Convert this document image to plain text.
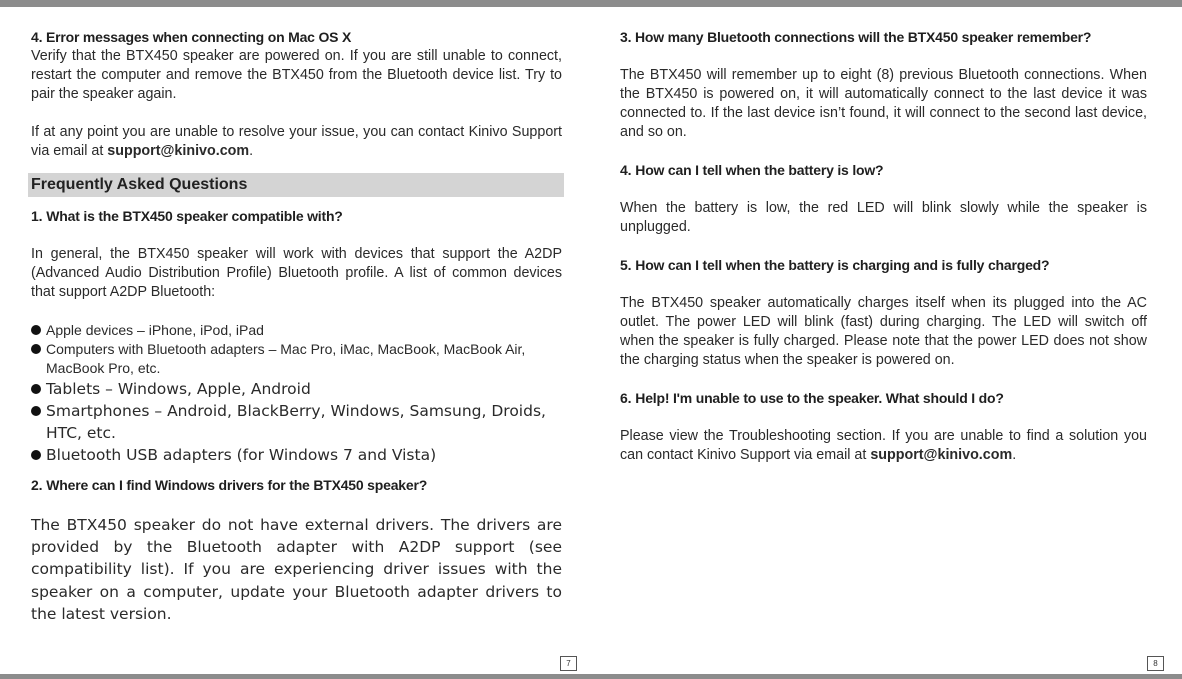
4. Error messages when connecting on Mac OS X

Verify that the BTX450 speaker are powered on. If you are still unable to connect, restart the computer and remove the BTX450 from the Bluetooth device list. Try to pair the speaker again.

If at any point you are unable to resolve your issue, you can contact Kinivo Support via email at support@kinivo.com.

Frequently Asked Questions

1. What is the BTX450 speaker compatible with?

In general, the BTX450 speaker will work with devices that support the A2DP (Advanced Audio Distribution Profile) Bluetooth profile. A list of common devices that support A2DP Bluetooth:

Apple devices – iPhone, iPod, iPad
Computers with Bluetooth adapters – Mac Pro, iMac, MacBook, MacBook Air, MacBook Pro, etc.
Tablets – Windows, Apple, Android
Smartphones – Android, BlackBerry, Windows, Samsung, Droids, HTC, etc.
Bluetooth USB adapters (for Windows 7 and Vista)

2. Where can I find Windows drivers for the BTX450 speaker?

The BTX450 speaker do not have external drivers. The drivers are provided by the Bluetooth adapter with A2DP support (see compatibility list). If you are experiencing driver issues with the speaker on a computer, update your Bluetooth adapter drivers to the latest version.

7

3. How many Bluetooth connections will the BTX450 speaker remember?

The BTX450 will remember up to eight (8) previous Bluetooth connections. When the BTX450 is powered on, it will automatically connect to the last device it was connected to. If the last device isn’t found, it will connect to the second last device, and so on.

4. How can I tell when the battery is low?

When the battery is low, the red LED will blink slowly while the speaker is unplugged.

5. How can I tell when the battery is charging and is fully charged?

The BTX450 speaker automatically charges itself when its plugged into the AC outlet. The power LED will blink (fast) during charging. The LED will switch off when the speaker is fully charged. Please note that the power LED does not show the charging status when the speaker is powered on.

6. Help! I'm unable to use to the speaker. What should I do?

Please view the Troubleshooting section. If you are unable to find a solution you can contact Kinivo Support via email at support@kinivo.com.

8
